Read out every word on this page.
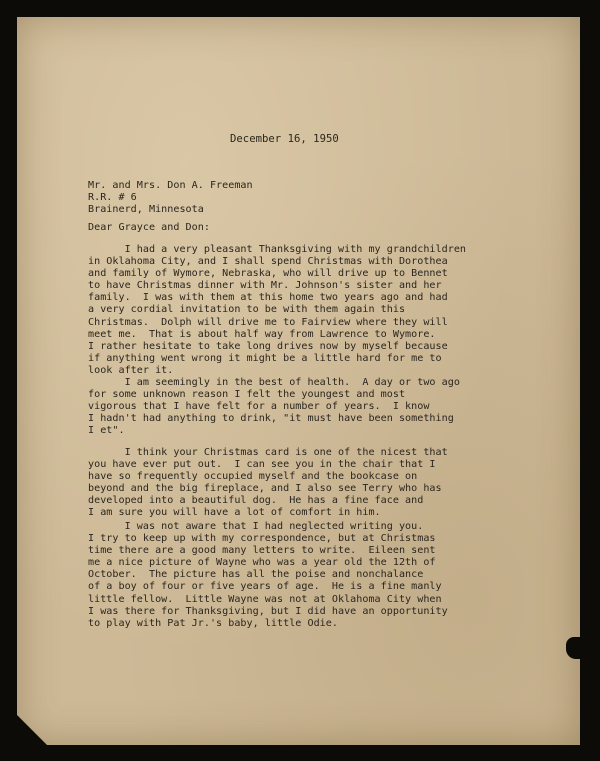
December 16, 1950

Mr. and Mrs. Don A. Freeman
R.R. # 6
Brainerd, Minnesota

Dear Grayce and Don:

I had a very pleasant Thanksgiving with my grandchildren
in Oklahoma City, and I shall spend Christmas with Dorothea
and family of Wymore, Nebraska, who will drive up to Bennet
to have Christmas dinner with Mr. Johnson's sister and her
family.  I was with them at this home two years ago and had
a very cordial invitation to be with them again this
Christmas.  Dolph will drive me to Fairview where they will
meet me.  That is about half way from Lawrence to Wymore.
I rather hesitate to take long drives now by myself because
if anything went wrong it might be a little hard for me to
look after it.

I am seemingly in the best of health.  A day or two ago
for some unknown reason I felt the youngest and most
vigorous that I have felt for a number of years.  I know
I hadn't had anything to drink, "it must have been something
I et".

I think your Christmas card is one of the nicest that
you have ever put out.  I can see you in the chair that I
have so frequently occupied myself and the bookcase on
beyond and the big fireplace, and I also see Terry who has
developed into a beautiful dog.  He has a fine face and
I am sure you will have a lot of comfort in him.

I was not aware that I had neglected writing you.
I try to keep up with my correspondence, but at Christmas
time there are a good many letters to write.  Eileen sent
me a nice picture of Wayne who was a year old the 12th of
October.  The picture has all the poise and nonchalance
of a boy of four or five years of age.  He is a fine manly
little fellow.  Little Wayne was not at Oklahoma City when
I was there for Thanksgiving, but I did have an opportunity
to play with Pat Jr.'s baby, little Odie.
